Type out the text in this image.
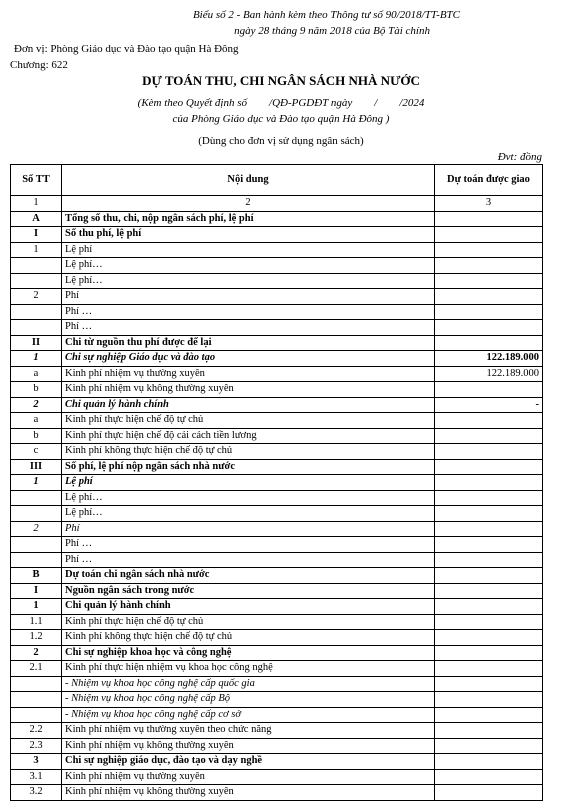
Biểu số 2 - Ban hành kèm theo Thông tư số 90/2018/TT-BTC
ngày 28 tháng 9 năm 2018 của Bộ Tài chính
Đơn vị: Phòng Giáo dục và Đào tạo quận Hà Đông
Chương: 622
DỰ TOÁN THU, CHI NGÂN SÁCH NHÀ NƯỚC
(Kèm theo Quyết định số        /QĐ-PGDĐT ngày        /        /2024
của Phòng Giáo dục và Đào tạo quận Hà Đông )
(Dùng cho đơn vị sử dụng ngân sách)
Đvt: đồng
Số TT	Nội dung	Dự toán được giao
1	2	3
A	Tổng số thu, chi, nộp ngân sách phí, lệ phí	
I	Số thu phí, lệ phí	
1	Lệ phí	
	Lệ phí…	
	Lệ phí…	
2	Phí	
	Phí …	
	Phí …	
II	Chi từ nguồn thu phí được để lại	
1	Chi sự nghiệp Giáo dục và đào tạo	122.189.000
a	Kinh phí nhiệm vụ thường xuyên	122.189.000
b	Kinh phí nhiệm vụ không thường xuyên	
2	Chi quản lý hành chính	-
a	Kinh phí thực hiện chế độ tự chủ	
b	Kinh phí thực hiện chế độ cải cách tiền lương	
c	Kinh phí không thực hiện chế độ tự chủ	
III	Số phí, lệ phí nộp ngân sách nhà nước	
1	Lệ phí	
	Lệ phí…	
	Lệ phí…	
2	Phí	
	Phí …	
	Phí …	
B	Dự toán chi ngân sách nhà nước	
I	Nguồn ngân sách trong nước	
1	Chi quản lý hành chính	
1.1	Kinh phí thực hiện chế độ tự chủ	
1.2	Kinh phí không thực hiện chế độ tự chủ	
2	Chi sự nghiệp khoa học và công nghệ	
2.1	Kinh phí thực hiện nhiệm vụ khoa học công nghệ	
	- Nhiệm vụ khoa học công nghệ cấp quốc gia	
	- Nhiệm vụ khoa học công nghệ cấp Bộ	
	- Nhiệm vụ khoa học công nghệ cấp cơ sở	
2.2	Kinh phí nhiệm vụ thường xuyên theo chức năng	
2.3	Kinh phí nhiệm vụ không thường xuyên	
3	Chi sự nghiệp giáo dục, đào tạo và dạy nghề	
3.1	Kinh phí nhiệm vụ thường xuyên	
3.2	Kinh phí nhiệm vụ không thường xuyên	
